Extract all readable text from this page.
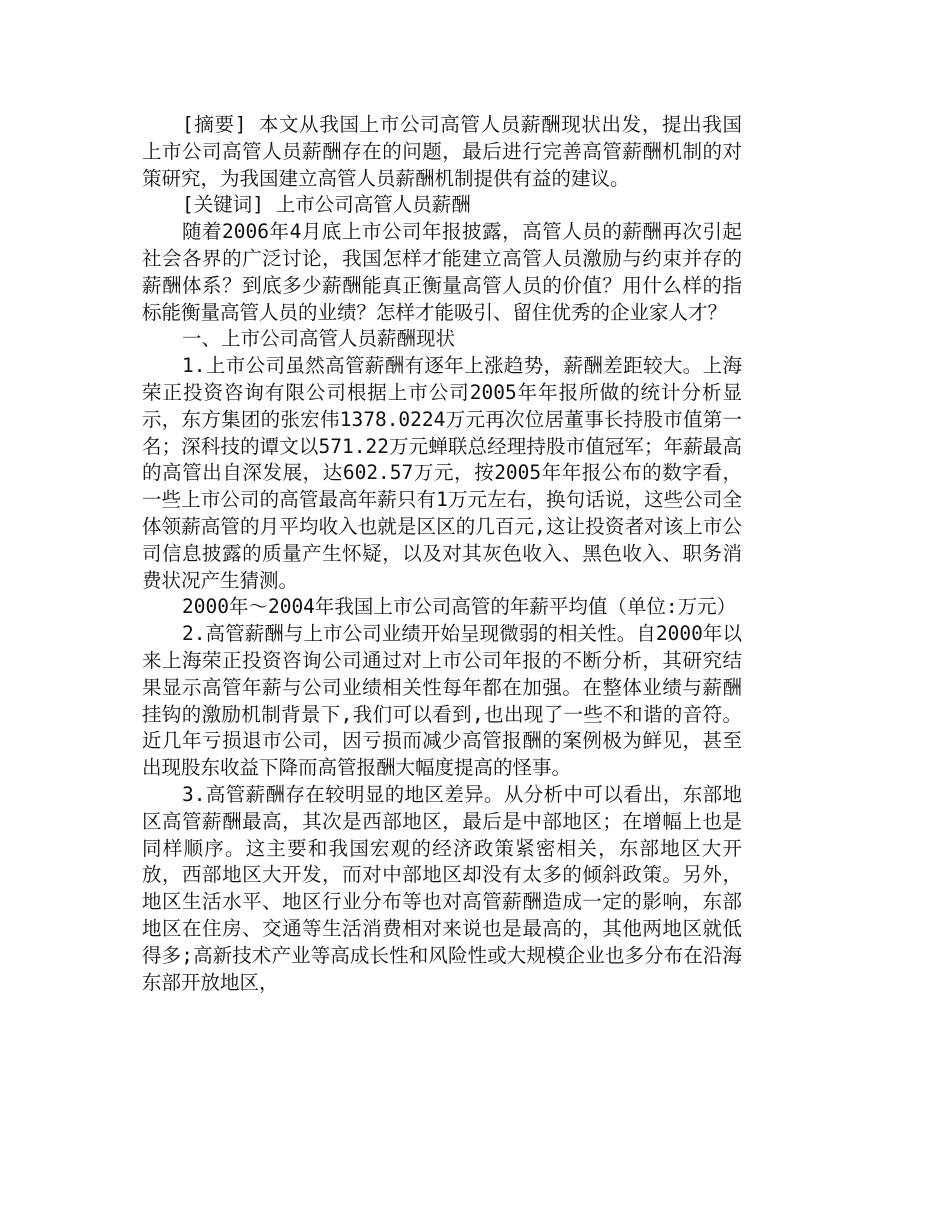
[摘要] 本文从我国上市公司高管人员薪酬现状出发，提出我国上市公司高管人员薪酬存在的问题，最后进行完善高管薪酬机制的对策研究，为我国建立高管人员薪酬机制提供有益的建议。

[关键词] 上市公司高管人员薪酬

随着2006年4月底上市公司年报披露，高管人员的薪酬再次引起社会各界的广泛讨论，我国怎样才能建立高管人员激励与约束并存的薪酬体系？到底多少薪酬能真正衡量高管人员的价值？用什么样的指标能衡量高管人员的业绩？怎样才能吸引、留住优秀的企业家人才？

一、上市公司高管人员薪酬现状

1.上市公司虽然高管薪酬有逐年上涨趋势，薪酬差距较大。上海荣正投资咨询有限公司根据上市公司2005年年报所做的统计分析显示，东方集团的张宏伟1378.0224万元再次位居董事长持股市值第一名；深科技的谭文以571.22万元蝉联总经理持股市值冠军；年薪最高的高管出自深发展，达602.57万元，按2005年年报公布的数字看，一些上市公司的高管最高年薪只有1万元左右，换句话说，这些公司全体领薪高管的月平均收入也就是区区的几百元,这让投资者对该上市公司信息披露的质量产生怀疑，以及对其灰色收入、黑色收入、职务消费状况产生猜测。

2000年～2004年我国上市公司高管的年薪平均值（单位:万元）

2.高管薪酬与上市公司业绩开始呈现微弱的相关性。自2000年以来上海荣正投资咨询公司通过对上市公司年报的不断分析，其研究结果显示高管年薪与公司业绩相关性每年都在加强。在整体业绩与薪酬挂钩的激励机制背景下,我们可以看到,也出现了一些不和谐的音符。近几年亏损退市公司，因亏损而减少高管报酬的案例极为鲜见，甚至出现股东收益下降而高管报酬大幅度提高的怪事。

3.高管薪酬存在较明显的地区差异。从分析中可以看出，东部地区高管薪酬最高，其次是西部地区，最后是中部地区；在增幅上也是同样顺序。这主要和我国宏观的经济政策紧密相关，东部地区大开放，西部地区大开发，而对中部地区却没有太多的倾斜政策。另外，地区生活水平、地区行业分布等也对高管薪酬造成一定的影响，东部地区在住房、交通等生活消费相对来说也是最高的，其他两地区就低得多;高新技术产业等高成长性和风险性或大规模企业也多分布在沿海东部开放地区，
